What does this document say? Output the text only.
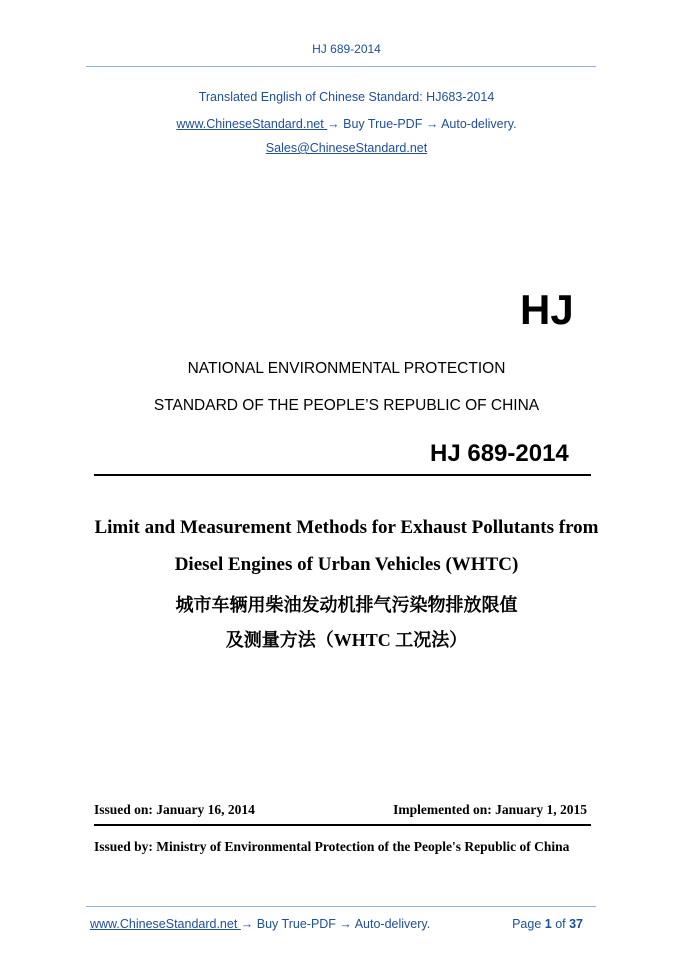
HJ 689-2014
Translated English of Chinese Standard: HJ683-2014
www.ChineseStandard.net → Buy True-PDF → Auto-delivery.
Sales@ChineseStandard.net
HJ
NATIONAL ENVIRONMENTAL PROTECTION
STANDARD OF THE PEOPLE’S REPUBLIC OF CHINA
HJ 689-2014
Limit and Measurement Methods for Exhaust Pollutants from
Diesel Engines of Urban Vehicles (WHTC)
城市车辆用柴油发动机排气污染物排放限值
及测量方法（WHTC 工况法）
Issued on: January 16, 2014	Implemented on: January 1, 2015
Issued by: Ministry of Environmental Protection of the People's Republic of China
www.ChineseStandard.net → Buy True-PDF → Auto-delivery.	Page 1 of 37
